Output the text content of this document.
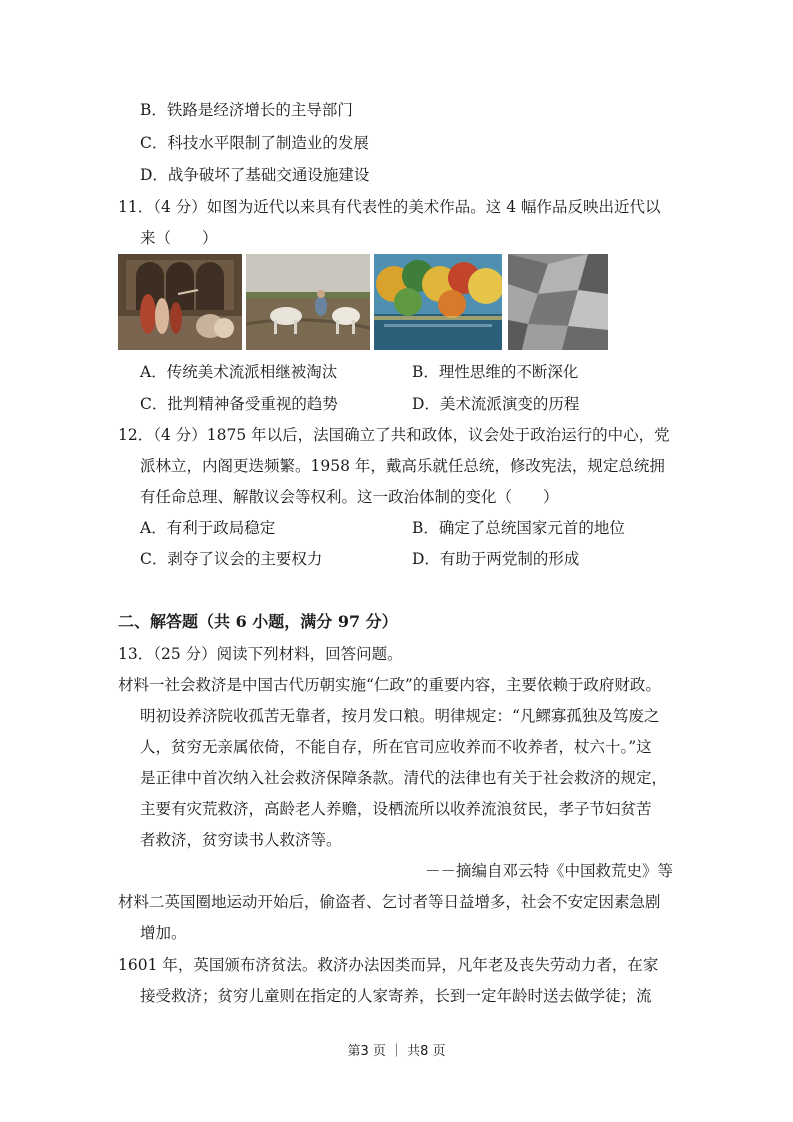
B．铁路是经济增长的主导部门
C．科技水平限制了制造业的发展
D．战争破坏了基础交通设施建设
11．（4 分）如图为近代以来具有代表性的美术作品。这 4 幅作品反映出近代以
来（　　）
A．传统美术流派相继被淘汰	B．理性思维的不断深化
C．批判精神备受重视的趋势	D．美术流派演变的历程
12．（4 分）1875 年以后，法国确立了共和政体，议会处于政治运行的中心，党
派林立，内阁更迭频繁。1958 年，戴高乐就任总统，修改宪法，规定总统拥
有任命总理、解散议会等权利。这一政治体制的变化（　　）
A．有利于政局稳定	B．确定了总统国家元首的地位
C．剥夺了议会的主要权力	D．有助于两党制的形成
二、解答题（共 6 小题，满分 97 分）
13．（25 分）阅读下列材料，回答问题。
材料一社会救济是中国古代历朝实施“仁政”的重要内容，主要依赖于政府财政。
明初设养济院收孤苦无靠者，按月发口粮。明律规定：“凡鳏寡孤独及笃废之
人，贫穷无亲属依倚，不能自存，所在官司应收养而不收养者，杖六十。”这
是正律中首次纳入社会救济保障条款。清代的法律也有关于社会救济的规定，
主要有灾荒救济，高龄老人养赡，设栖流所以收养流浪贫民，孝子节妇贫苦
者救济，贫穷读书人救济等。
－－摘编自邓云特《中国救荒史》等
材料二英国圈地运动开始后，偷盗者、乞讨者等日益增多，社会不安定因素急剧
增加。
1601 年，英国颁布济贫法。救济办法因类而异，凡年老及丧失劳动力者，在家
接受救济；贫穷儿童则在指定的人家寄养，长到一定年龄时送去做学徒；流
第3 页 ｜ 共8 页
